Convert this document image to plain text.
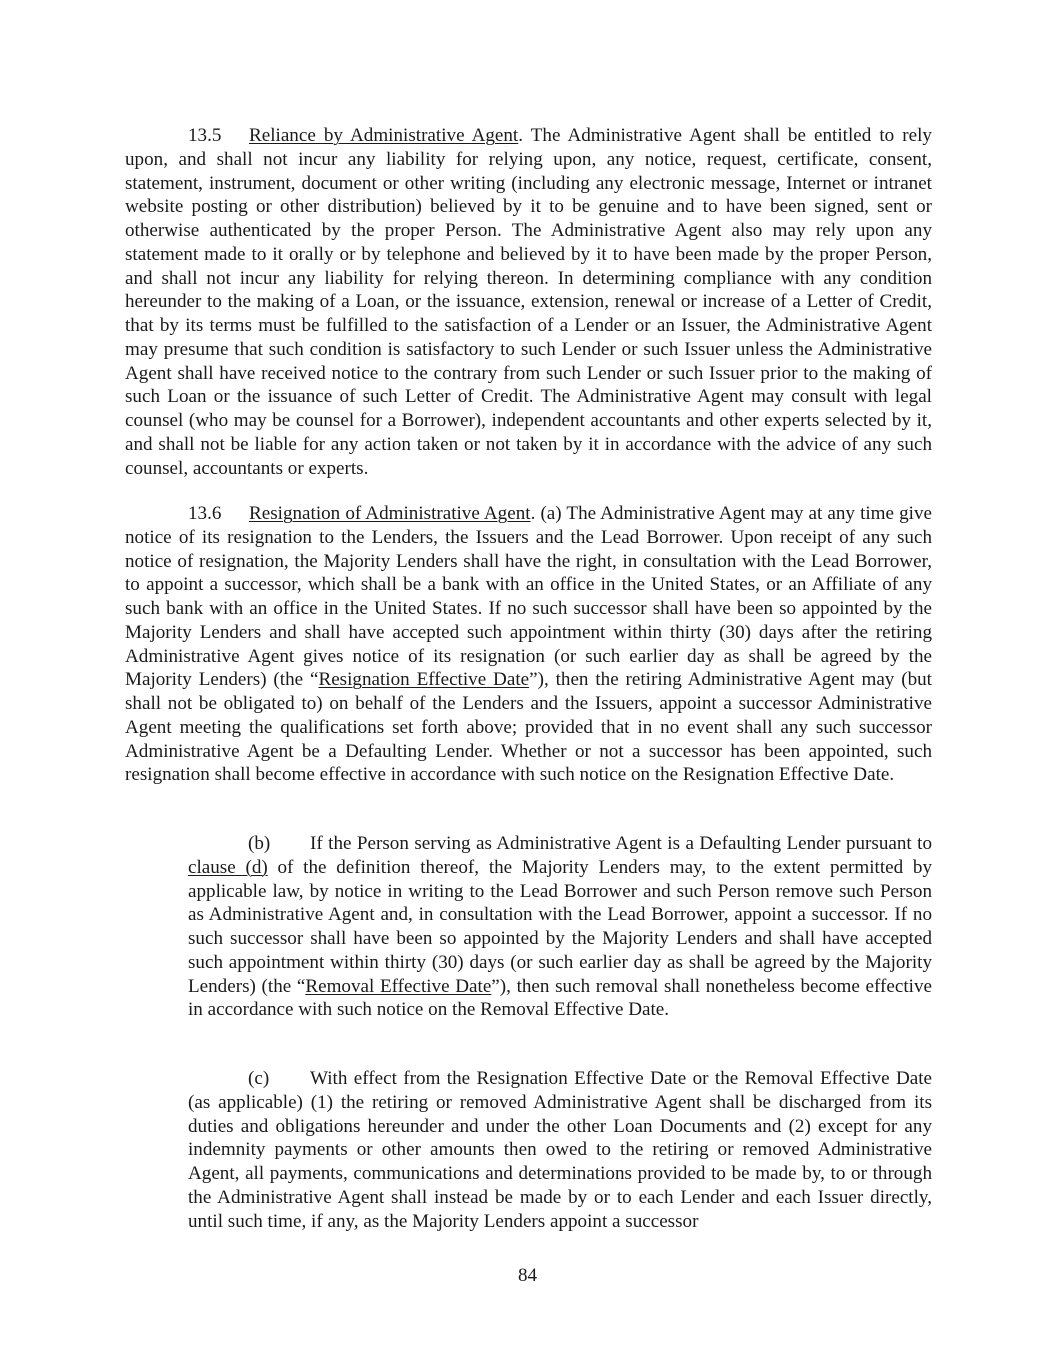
13.5 Reliance by Administrative Agent. The Administrative Agent shall be entitled to rely upon, and shall not incur any liability for relying upon, any notice, request, certificate, consent, statement, instrument, document or other writing (including any electronic message, Internet or intranet website posting or other distribution) believed by it to be genuine and to have been signed, sent or otherwise authenticated by the proper Person. The Administrative Agent also may rely upon any statement made to it orally or by telephone and believed by it to have been made by the proper Person, and shall not incur any liability for relying thereon. In determining compliance with any condition hereunder to the making of a Loan, or the issuance, extension, renewal or increase of a Letter of Credit, that by its terms must be fulfilled to the satisfaction of a Lender or an Issuer, the Administrative Agent may presume that such condition is satisfactory to such Lender or such Issuer unless the Administrative Agent shall have received notice to the contrary from such Lender or such Issuer prior to the making of such Loan or the issuance of such Letter of Credit. The Administrative Agent may consult with legal counsel (who may be counsel for a Borrower), independent accountants and other experts selected by it, and shall not be liable for any action taken or not taken by it in accordance with the advice of any such counsel, accountants or experts.

13.6 Resignation of Administrative Agent. (a) The Administrative Agent may at any time give notice of its resignation to the Lenders, the Issuers and the Lead Borrower. Upon receipt of any such notice of resignation, the Majority Lenders shall have the right, in consultation with the Lead Borrower, to appoint a successor, which shall be a bank with an office in the United States, or an Affiliate of any such bank with an office in the United States. If no such successor shall have been so appointed by the Majority Lenders and shall have accepted such appointment within thirty (30) days after the retiring Administrative Agent gives notice of its resignation (or such earlier day as shall be agreed by the Majority Lenders) (the “Resignation Effective Date”), then the retiring Administrative Agent may (but shall not be obligated to) on behalf of the Lenders and the Issuers, appoint a successor Administrative Agent meeting the qualifications set forth above; provided that in no event shall any such successor Administrative Agent be a Defaulting Lender. Whether or not a successor has been appointed, such resignation shall become effective in accordance with such notice on the Resignation Effective Date.

(b) If the Person serving as Administrative Agent is a Defaulting Lender pursuant to clause (d) of the definition thereof, the Majority Lenders may, to the extent permitted by applicable law, by notice in writing to the Lead Borrower and such Person remove such Person as Administrative Agent and, in consultation with the Lead Borrower, appoint a successor. If no such successor shall have been so appointed by the Majority Lenders and shall have accepted such appointment within thirty (30) days (or such earlier day as shall be agreed by the Majority Lenders) (the “Removal Effective Date”), then such removal shall nonetheless become effective in accordance with such notice on the Removal Effective Date.

(c) With effect from the Resignation Effective Date or the Removal Effective Date (as applicable) (1) the retiring or removed Administrative Agent shall be discharged from its duties and obligations hereunder and under the other Loan Documents and (2) except for any indemnity payments or other amounts then owed to the retiring or removed Administrative Agent, all payments, communications and determinations provided to be made by, to or through the Administrative Agent shall instead be made by or to each Lender and each Issuer directly, until such time, if any, as the Majority Lenders appoint a successor

84
